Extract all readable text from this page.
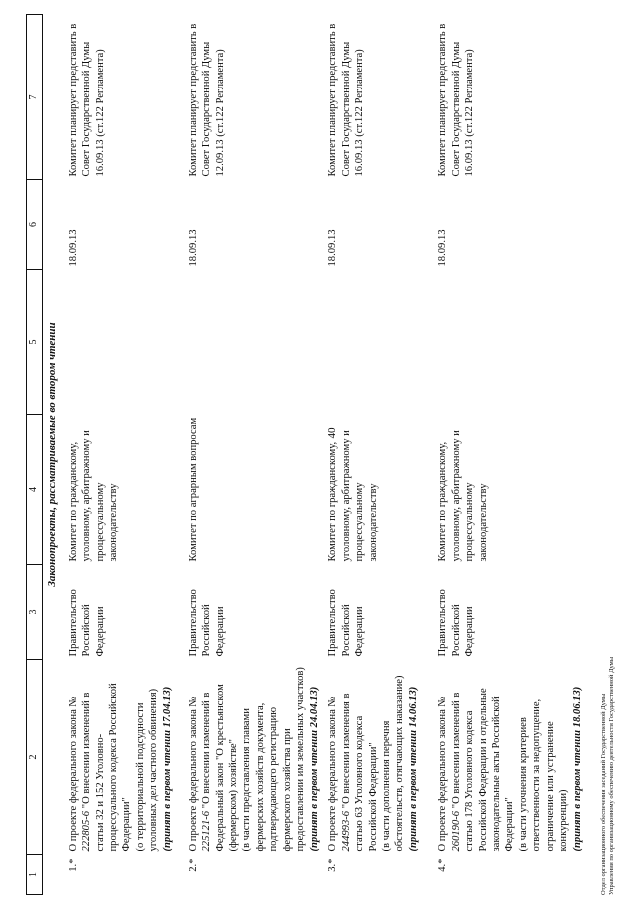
40
1	2	3	4	5	6	7
Законопроекты, рассматриваемые во втором чтении						
1.*	О проекте федерального закона № 222805-6 "О внесении изменений в статьи 32 и 152 Уголовно-процессуального кодекса Российской Федерации" (о территориальной подсудности уголовных дел частного обвинения) (принят в первом чтении 17.04.13)	Правительство Российской Федерации	Комитет по гражданскому, уголовному, арбитражному и процессуальному законодательству		18.09.13	Комитет планирует представить в Совет Государственной Думы 16.09.13 (ст.122 Регламента)
2.*	О проекте федерального закона № 225121-6 "О внесении изменений в Федеральный закон "О крестьянском (фермерском) хозяйстве" (в части представления главами фермерских хозяйств документа, подтверждающего регистрацию фермерского хозяйства при предоставлении им земельных участков) (принят в первом чтении 24.04.13)	Правительство Российской Федерации	Комитет по аграрным вопросам		18.09.13	Комитет планирует представить в Совет Государственной Думы 12.09.13 (ст.122 Регламента)
3.*	О проекте федерального закона № 244993-6 "О внесении изменения в статью 63 Уголовного кодекса Российской Федерации" (в части дополнения перечня обстоятельств, отягчающих наказание) (принят в первом чтении 14.06.13)	Правительство Российской Федерации	Комитет по гражданскому, уголовному, арбитражному и процессуальному законодательству		18.09.13	Комитет планирует представить в Совет Государственной Думы 16.09.13 (ст.122 Регламента)
4.*	О проекте федерального закона № 260190-6 "О внесении изменений в статью 178 Уголовного кодекса Российской Федерации и отдельные законодательные акты Российской Федерации" (в части уточнения критериев ответственности за недопущение, ограничение или устранение конкуренции) (принят в первом чтении 18.06.13)	Правительство Российской Федерации	Комитет по гражданскому, уголовному, арбитражному и процессуальному законодательству		18.09.13	Комитет планирует представить в Совет Государственной Думы 16.09.13 (ст.122 Регламента)
Отдел организационного обеспечения заседаний Государственной Думы Управления по организационному обеспечению деятельности Государственной Думы
